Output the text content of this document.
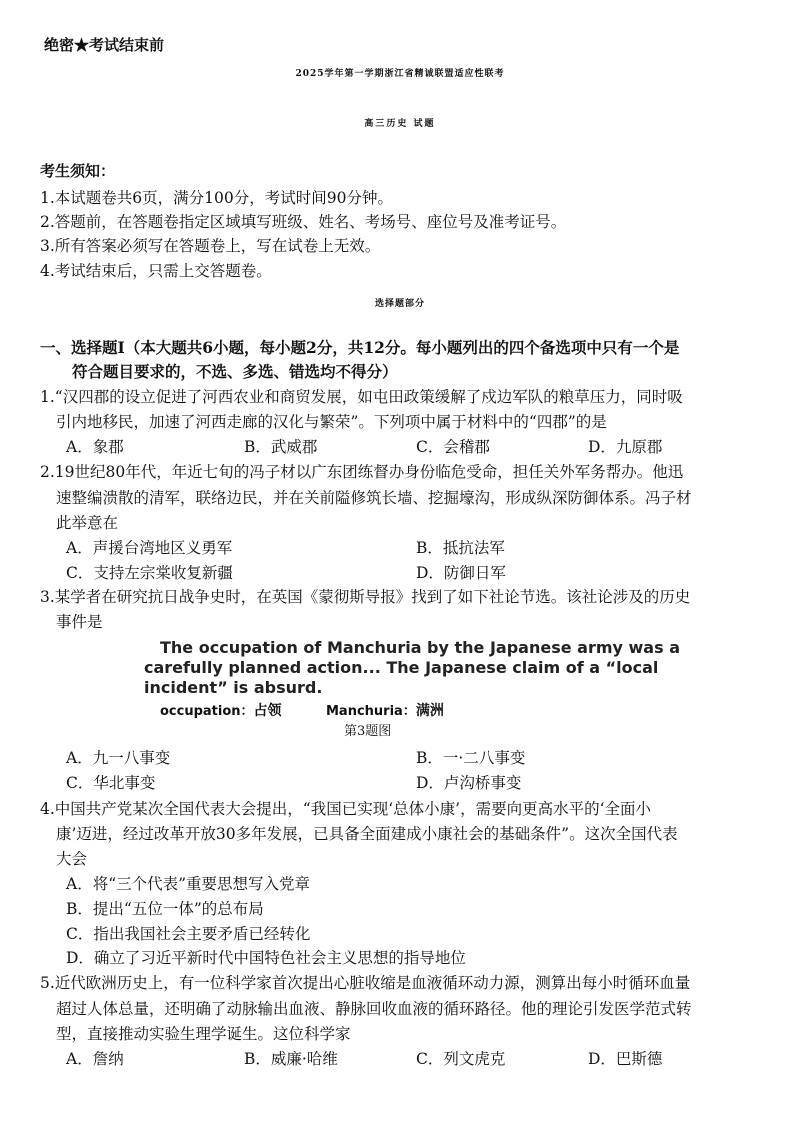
绝密★考试结束前
2025学年第一学期浙江省精诚联盟适应性联考
高三历史 试题
考生须知：
1.本试题卷共6页，满分100分，考试时间90分钟。
2.答题前，在答题卷指定区域填写班级、姓名、考场号、座位号及准考证号。
3.所有答案必须写在答题卷上，写在试卷上无效。
4.考试结束后，只需上交答题卷。
选择题部分
一、选择题Ⅰ（本大题共6小题，每小题2分，共12分。每小题列出的四个备选项中只有一个是
符合题目要求的，不选、多选、错选均不得分）
1.“汉四郡的设立促进了河西农业和商贸发展，如屯田政策缓解了戍边军队的粮草压力，同时吸
引内地移民，加速了河西走廊的汉化与繁荣”。下列项中属于材料中的“四郡”的是
A．象郡	B．武威郡	C．会稽郡	D．九原郡
2.19世纪80年代，年近七旬的冯子材以广东团练督办身份临危受命，担任关外军务帮办。他迅
速整编溃散的清军，联络边民，并在关前隘修筑长墙、挖掘壕沟，形成纵深防御体系。冯子材
此举意在
A．声援台湾地区义勇军	B．抵抗法军
C．支持左宗棠收复新疆	D．防御日军
3.某学者在研究抗日战争史时，在英国《蒙彻斯导报》找到了如下社论节选。该社论涉及的历史
事件是
The occupation of Manchuria by the Japanese army was a
carefully planned action... The Japanese claim of a “local
incident” is absurd.
occupation：占领	Manchuria：满洲
第3题图
A．九一八事变	B．一·二八事变
C．华北事变	D．卢沟桥事变
4.中国共产党某次全国代表大会提出，“我国已实现‘总体小康’，需要向更高水平的‘全面小
康’迈进，经过改革开放30多年发展，已具备全面建成小康社会的基础条件”。这次全国代表
大会
A．将“三个代表”重要思想写入党章
B．提出“五位一体”的总布局
C．指出我国社会主要矛盾已经转化
D．确立了习近平新时代中国特色社会主义思想的指导地位
5.近代欧洲历史上，有一位科学家首次提出心脏收缩是血液循环动力源，测算出每小时循环血量
超过人体总量，还明确了动脉输出血液、静脉回收血液的循环路径。他的理论引发医学范式转
型，直接推动实验生理学诞生。这位科学家
A．詹纳	B．威廉·哈维	C．列文虎克	D．巴斯德
